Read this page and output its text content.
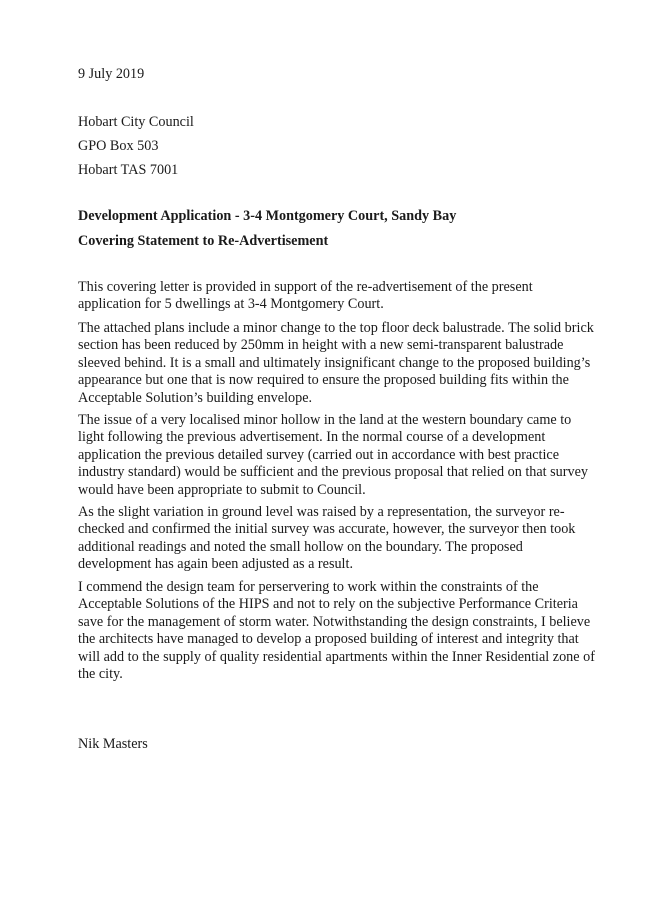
9 July 2019
Hobart City Council
GPO Box 503
Hobart TAS 7001
Development Application - 3-4 Montgomery Court, Sandy Bay
Covering Statement to Re-Advertisement

This covering letter is provided in support of the re-advertisement of the present application for 5 dwellings at 3-4 Montgomery Court.

The attached plans include a minor change to the top floor deck balustrade. The solid brick section has been reduced by 250mm in height with a new semi-transparent balustrade sleeved behind. It is a small and ultimately insignificant change to the proposed building’s appearance but one that is now required to ensure the proposed building fits within the Acceptable Solution’s building envelope.

The issue of a very localised minor hollow in the land at the western boundary came to light following the previous advertisement. In the normal course of a development application the previous detailed survey (carried out in accordance with best practice industry standard) would be sufficient and the previous proposal that relied on that survey would have been appropriate to submit to Council.

As the slight variation in ground level was raised by a representation, the surveyor re-checked and confirmed the initial survey was accurate, however, the surveyor then took additional readings and noted the small hollow on the boundary. The proposed development has again been adjusted as a result.

I commend the design team for perservering to work within the constraints of the Acceptable Solutions of the HIPS and not to rely on the subjective Performance Criteria save for the management of storm water. Notwithstanding the design constraints, I believe the architects have managed to develop a proposed building of interest and integrity that will add to the supply of quality residential apartments within the Inner Residential zone of the city.

Nik Masters
